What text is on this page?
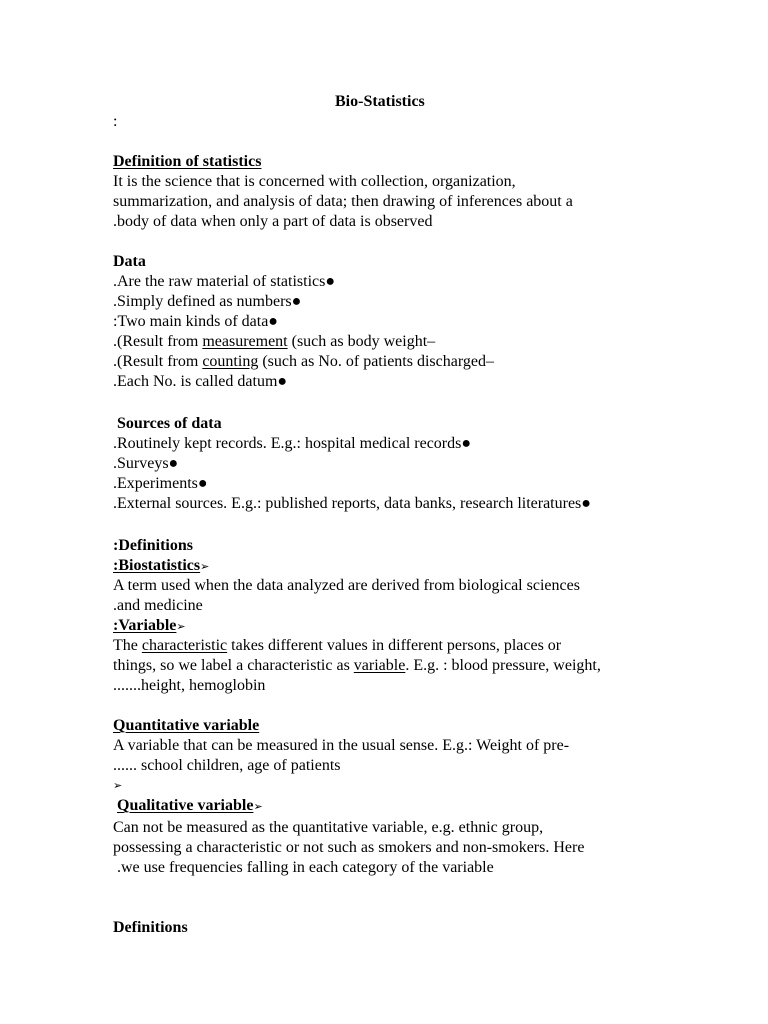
Bio-Statistics
:
Definition of statistics
It is the science that is concerned with collection, organization,
summarization, and analysis of data; then drawing of inferences about a
.body of data when only a part of data is observed
Data
.Are the raw material of statistics●
.Simply defined as numbers●
:Two main kinds of data●
.(Result from measurement (such as body weight–
.(Result from counting (such as No. of patients discharged–
.Each No. is called datum●
Sources of data
.Routinely kept records. E.g.: hospital medical records●
.Surveys●
.Experiments●
.External sources. E.g.: published reports, data banks, research literatures●
:Definitions
:Biostatistics➢
A term used when the data analyzed are derived from biological sciences
.and medicine
:Variable➢
The characteristic takes different values in different persons, places or
things, so we label a characteristic as variable. E.g. : blood pressure, weight,
.......height, hemoglobin
Quantitative variable
A variable that can be measured in the usual sense. E.g.: Weight of pre-
...... school children, age of patients
➢
Qualitative variable➢
Can not be measured as the quantitative variable, e.g. ethnic group,
possessing a characteristic or not such as smokers and non-smokers. Here
.we use frequencies falling in each category of the variable
Definitions
